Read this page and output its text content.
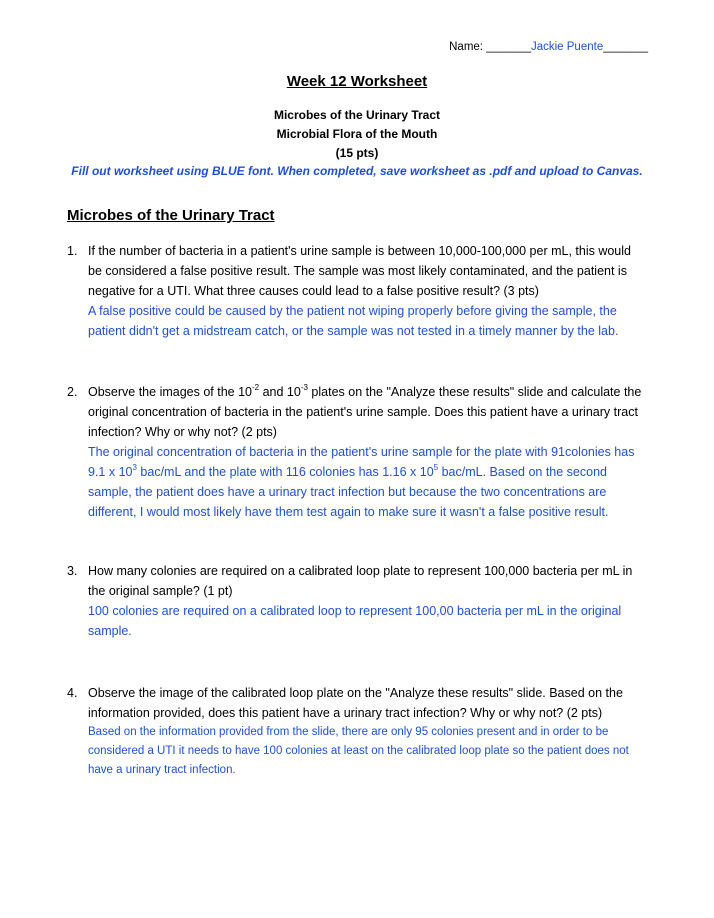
Name: _______Jackie Puente_______
Week 12 Worksheet
Microbes of the Urinary Tract
Microbial Flora of the Mouth
(15 pts)
Fill out worksheet using BLUE font. When completed, save worksheet as .pdf and upload to Canvas.
Microbes of the Urinary Tract
1. If the number of bacteria in a patient's urine sample is between 10,000-100,000 per mL, this would be considered a false positive result. The sample was most likely contaminated, and the patient is negative for a UTI. What three causes could lead to a false positive result? (3 pts)
A false positive could be caused by the patient not wiping properly before giving the sample, the patient didn't get a midstream catch, or the sample was not tested in a timely manner by the lab.
2. Observe the images of the $10^{-2}$ and $10^{-3}$ plates on the "Analyze these results" slide and calculate the original concentration of bacteria in the patient's urine sample. Does this patient have a urinary tract infection? Why or why not? (2 pts)
The original concentration of bacteria in the patient's urine sample for the plate with 91colonies has 9.1 x $10^3$ bac/mL and the plate with 116 colonies has 1.16 x $10^5$ bac/mL. Based on the second sample, the patient does have a urinary tract infection but because the two concentrations are different, I would most likely have them test again to make sure it wasn't a false positive result.
3. How many colonies are required on a calibrated loop plate to represent 100,000 bacteria per mL in the original sample? (1 pt)
100 colonies are required on a calibrated loop to represent 100,00 bacteria per mL in the original sample.
4. Observe the image of the calibrated loop plate on the "Analyze these results" slide. Based on the information provided, does this patient have a urinary tract infection? Why or why not? (2 pts)
Based on the information provided from the slide, there are only 95 colonies present and in order to be considered a UTI it needs to have 100 colonies at least on the calibrated loop plate so the patient does not have a urinary tract infection.
